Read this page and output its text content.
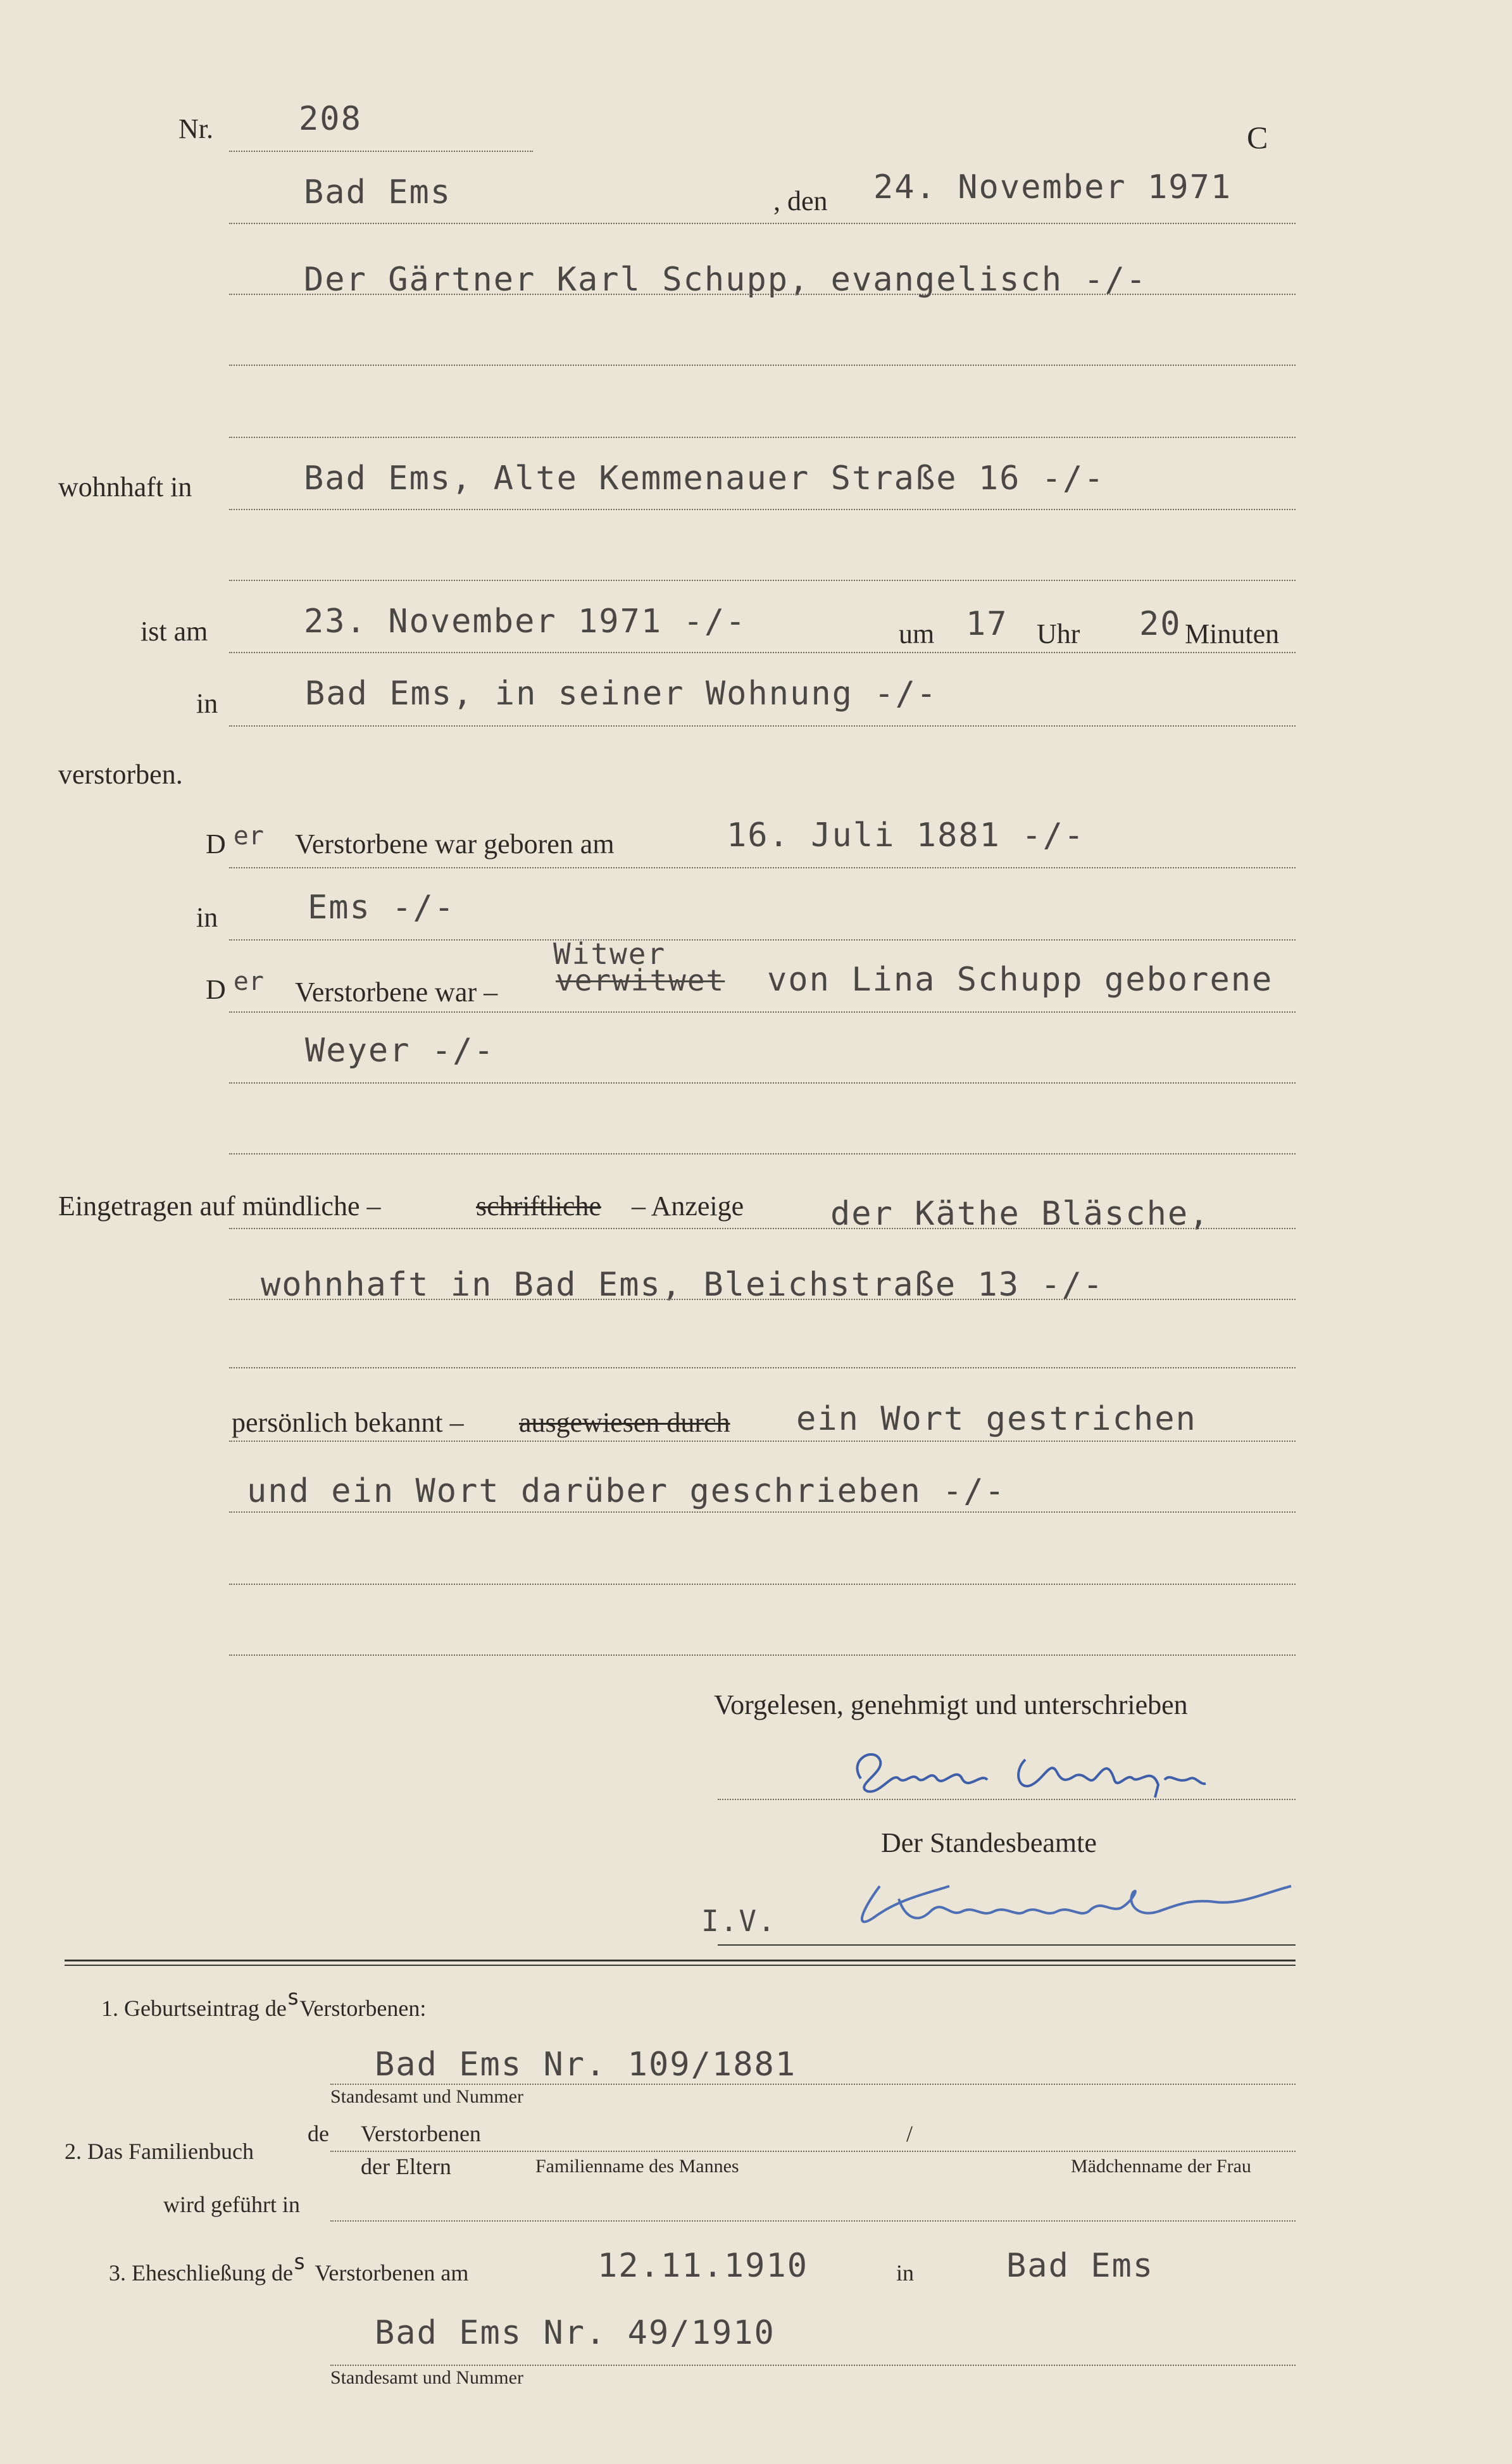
Nr.	208	C
Bad Ems	, den 24. November 1971
Der Gärtner Karl Schupp, evangelisch -/-
wohnhaft in	Bad Ems, Alte Kemmenauer Straße 16 -/-
ist am	23. November 1971 -/-	um 17 Uhr 20 Minuten
in	Bad Ems, in seiner Wohnung -/-
verstorben.
D er Verstorbene war geboren am	16. Juli 1881 -/-
in	Ems -/-
Witwer
D er Verstorbene war – verwitwet von Lina Schupp geborene
Weyer -/-
Eingetragen auf mündliche –	schriftliche – Anzeige	der Käthe Bläsche,
wohnhaft in Bad Ems, Bleichstraße 13 -/-
persönlich bekannt – ausgewiesen durch ein Wort gestrichen
und ein Wort darüber geschrieben -/-
Vorgelesen, genehmigt und unterschrieben
Der Standesbeamte
I.V.
1. Geburtseintrag desVerstorbenen:
Bad Ems Nr. 109/1881
Standesamt und Nummer
2. Das Familienbuch
de Verstorbenen	/
der Eltern	Familienname des Mannes	Mädchenname der Frau
wird geführt in
3. Eheschließung des Verstorbenen am	12.11.1910	in	Bad Ems
Bad Ems Nr. 49/1910
Standesamt und Nummer
